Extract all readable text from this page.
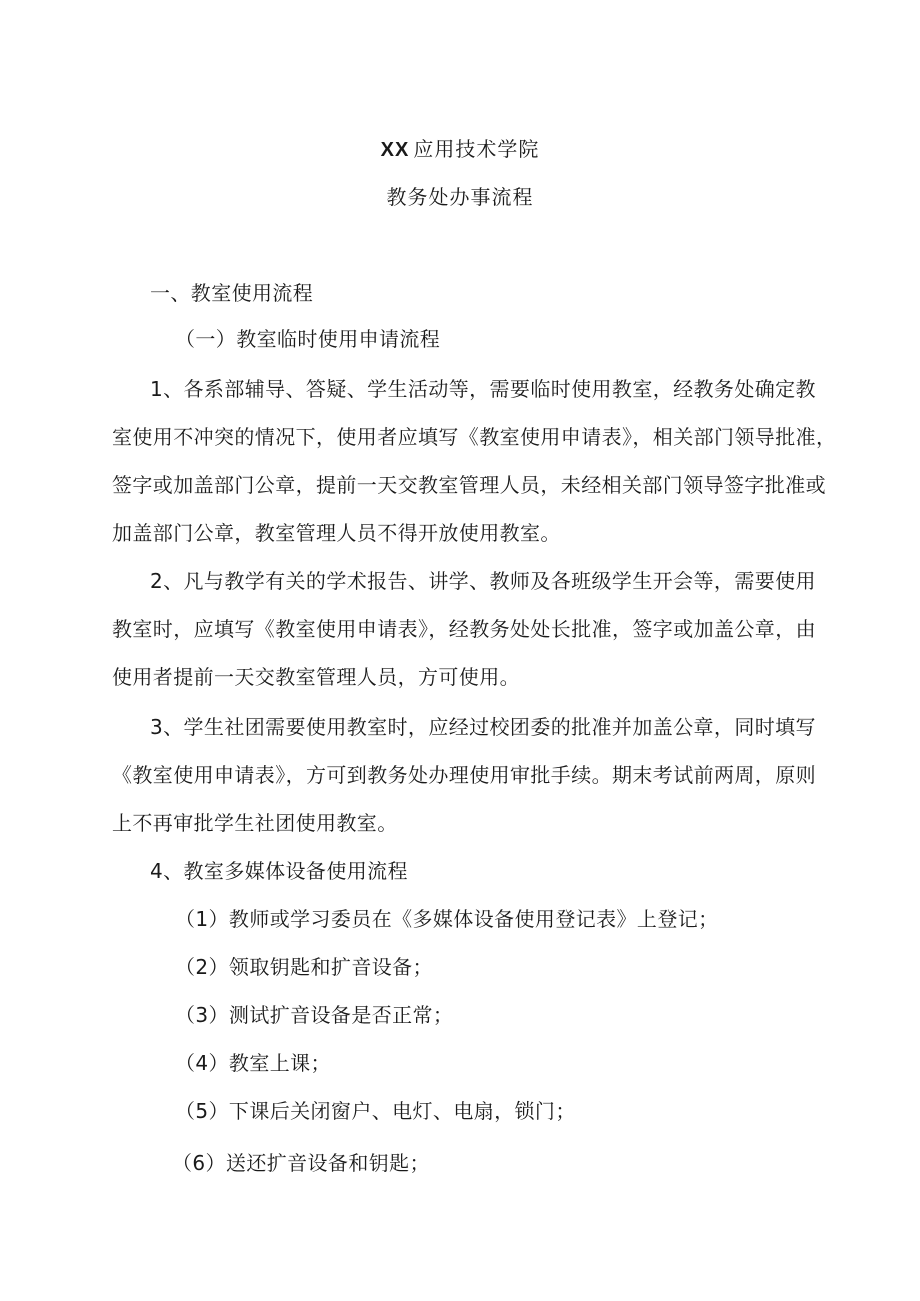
XX 应用技术学院
教务处办事流程
一、教室使用流程
（一）教室临时使用申请流程
1、各系部辅导、答疑、学生活动等，需要临时使用教室，经教务处确定教
室使用不冲突的情况下，使用者应填写《教室使用申请表》，相关部门领导批准，
签字或加盖部门公章，提前一天交教室管理人员，未经相关部门领导签字批准或
加盖部门公章，教室管理人员不得开放使用教室。
2、凡与教学有关的学术报告、讲学、教师及各班级学生开会等，需要使用
教室时，应填写《教室使用申请表》，经教务处处长批准，签字或加盖公章，由
使用者提前一天交教室管理人员，方可使用。
3、学生社团需要使用教室时，应经过校团委的批准并加盖公章，同时填写
《教室使用申请表》，方可到教务处办理使用审批手续。期末考试前两周，原则
上不再审批学生社团使用教室。
4、教室多媒体设备使用流程
（1）教师或学习委员在《多媒体设备使用登记表》上登记；
（2）领取钥匙和扩音设备；
（3）测试扩音设备是否正常；
（4）教室上课；
（5）下课后关闭窗户、电灯、电扇，锁门；
（6）送还扩音设备和钥匙；
